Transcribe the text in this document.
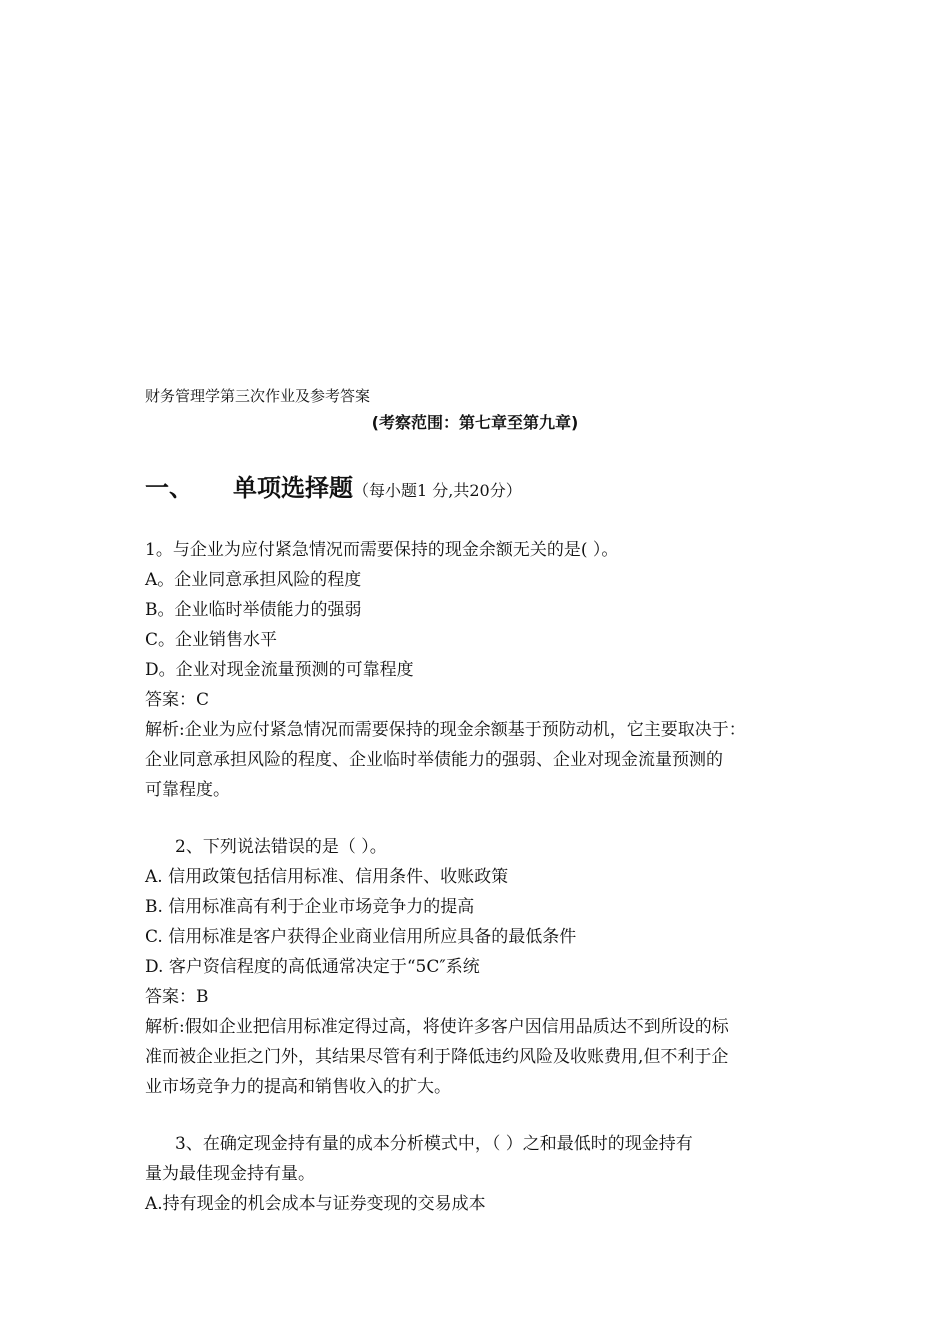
财务管理学第三次作业及参考答案
(考察范围：第七章至第九章)
一、 单项选择题（每小题1 分,共20分）
1。与企业为应付紧急情况而需要保持的现金余额无关的是( ）。
A。企业同意承担风险的程度
B。企业临时举债能力的强弱
C。企业销售水平
D。企业对现金流量预测的可靠程度
答案：C
解析:企业为应付紧急情况而需要保持的现金余额基于预防动机，它主要取决于：
企业同意承担风险的程度、企业临时举债能力的强弱、企业对现金流量预测的
可靠程度。
2、下列说法错误的是（ ）。
A. 信用政策包括信用标准、信用条件、收账政策
B. 信用标准高有利于企业市场竞争力的提高
C. 信用标准是客户获得企业商业信用所应具备的最低条件
D. 客户资信程度的高低通常决定于“5C″系统
答案：B
解析:假如企业把信用标准定得过高，将使许多客户因信用品质达不到所设的标
准而被企业拒之门外，其结果尽管有利于降低违约风险及收账费用,但不利于企
业市场竞争力的提高和销售收入的扩大。
3、在确定现金持有量的成本分析模式中，（ ）之和最低时的现金持有
量为最佳现金持有量。
A.持有现金的机会成本与证券变现的交易成本
